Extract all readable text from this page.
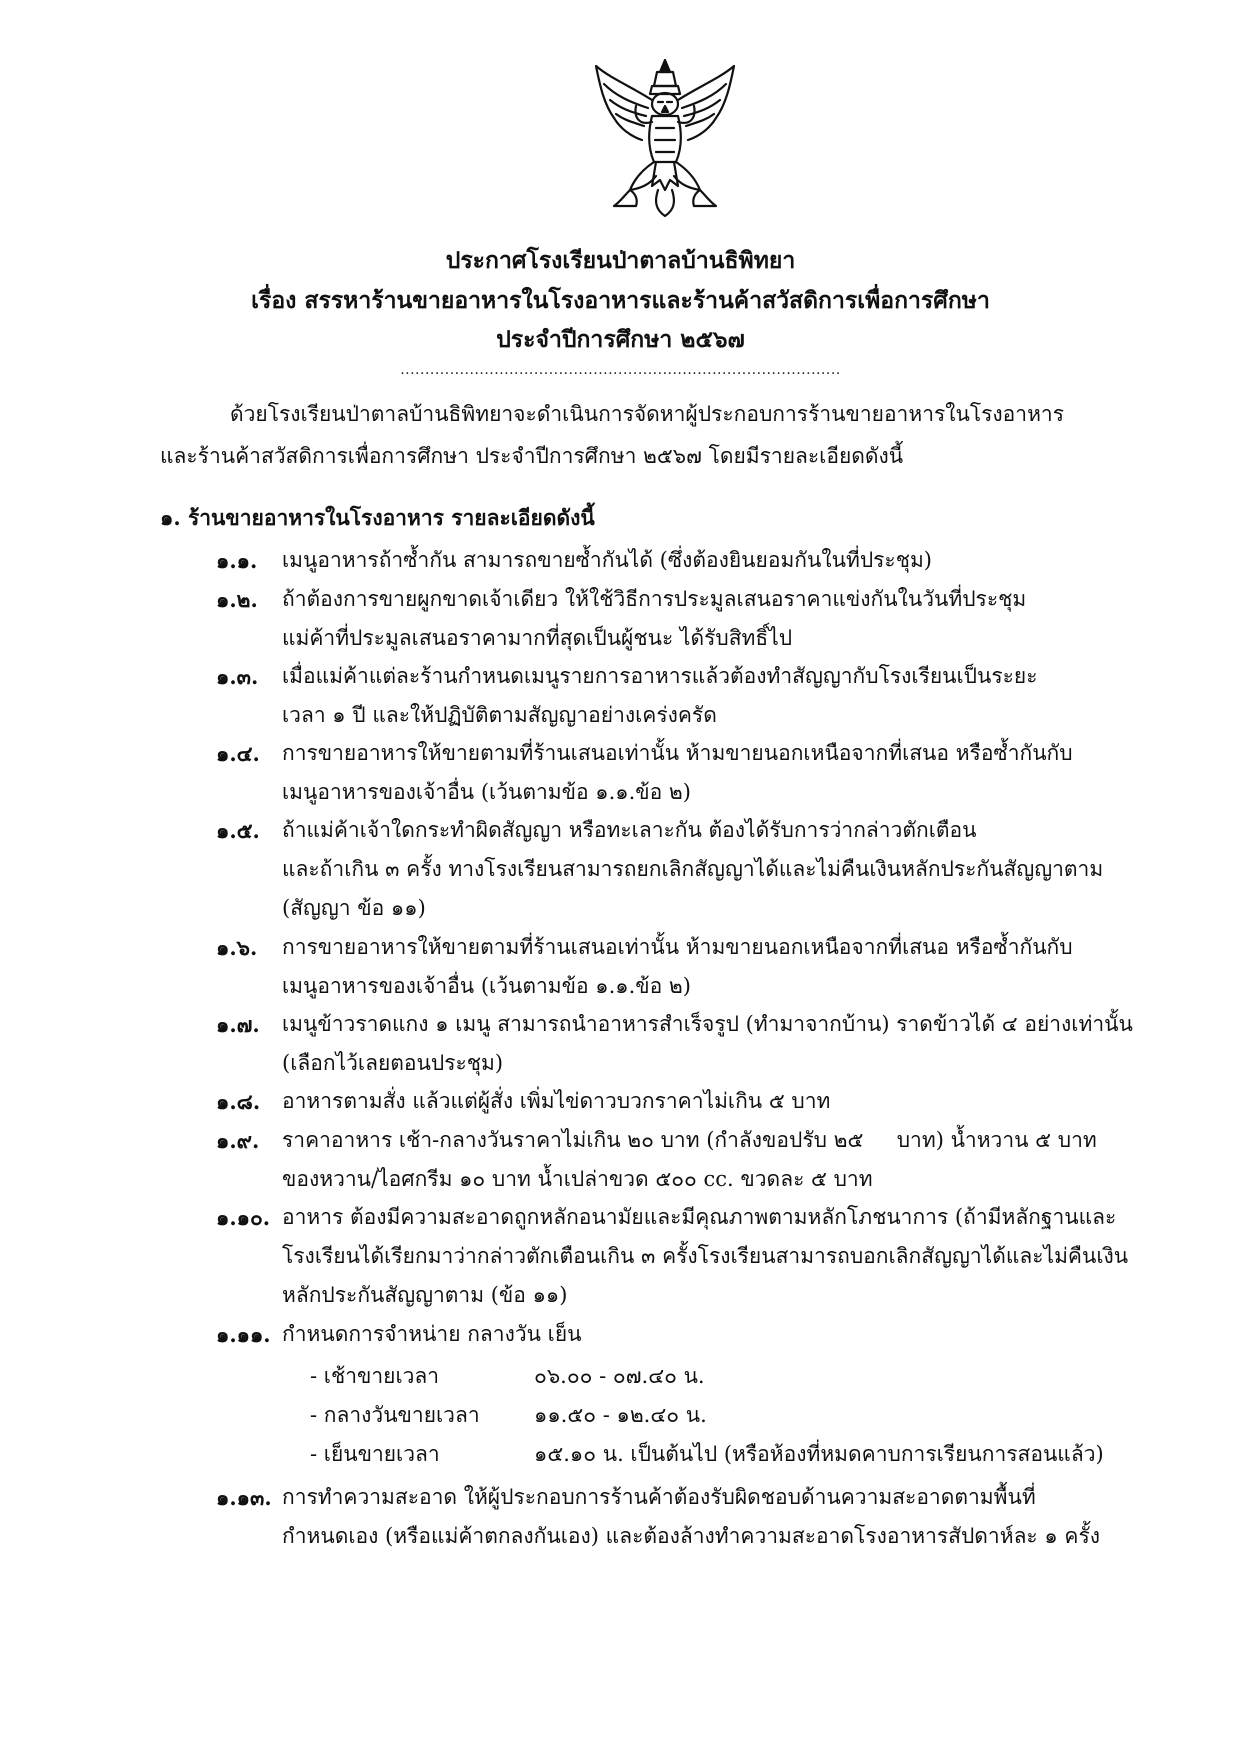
ประกาศโรงเรียนป่าตาลบ้านธิพิทยา
เรื่อง สรรหาร้านขายอาหารในโรงอาหารและร้านค้าสวัสดิการเพื่อการศึกษา
ประจำปีการศึกษา ๒๕๖๗
.........................................................................................
ด้วยโรงเรียนป่าตาลบ้านธิพิทยาจะดำเนินการจัดหาผู้ประกอบการร้านขายอาหารในโรงอาหาร
และร้านค้าสวัสดิการเพื่อการศึกษา ประจำปีการศึกษา ๒๕๖๗ โดยมีรายละเอียดดังนี้
๑. ร้านขายอาหารในโรงอาหาร รายละเอียดดังนี้
๑.๑. เมนูอาหารถ้าซ้ำกัน สามารถขายซ้ำกันได้ (ซึ่งต้องยินยอมกันในที่ประชุม)
๑.๒. ถ้าต้องการขายผูกขาดเจ้าเดียว ให้ใช้วิธีการประมูลเสนอราคาแข่งกันในวันที่ประชุม
แม่ค้าที่ประมูลเสนอราคามากที่สุดเป็นผู้ชนะ ได้รับสิทธิ์ไป
๑.๓. เมื่อแม่ค้าแต่ละร้านกำหนดเมนูรายการอาหารแล้วต้องทำสัญญากับโรงเรียนเป็นระยะ
เวลา ๑ ปี และให้ปฏิบัติตามสัญญาอย่างเคร่งครัด
๑.๔. การขายอาหารให้ขายตามที่ร้านเสนอเท่านั้น ห้ามขายนอกเหนือจากที่เสนอ หรือซ้ำกันกับ
เมนูอาหารของเจ้าอื่น (เว้นตามข้อ ๑.๑.ข้อ ๒)
๑.๕. ถ้าแม่ค้าเจ้าใดกระทำผิดสัญญา หรือทะเลาะกัน ต้องได้รับการว่ากล่าวตักเตือน
และถ้าเกิน ๓ ครั้ง ทางโรงเรียนสามารถยกเลิกสัญญาได้และไม่คืนเงินหลักประกันสัญญาตาม
(สัญญา ข้อ ๑๑)
๑.๖. การขายอาหารให้ขายตามที่ร้านเสนอเท่านั้น ห้ามขายนอกเหนือจากที่เสนอ หรือซ้ำกันกับ
เมนูอาหารของเจ้าอื่น (เว้นตามข้อ ๑.๑.ข้อ ๒)
๑.๗. เมนูข้าวราดแกง ๑ เมนู สามารถนำอาหารสำเร็จรูป (ทำมาจากบ้าน) ราดข้าวได้ ๔ อย่างเท่านั้น
(เลือกไว้เลยตอนประชุม)
๑.๘. อาหารตามสั่ง แล้วแต่ผู้สั่ง เพิ่มไข่ดาวบวกราคาไม่เกิน ๕ บาท
๑.๙. ราคาอาหาร เช้า-กลางวันราคาไม่เกิน ๒๐ บาท (กำลังขอปรับ ๒๕     บาท) น้ำหวาน ๕ บาท
ของหวาน/ไอศกรีม ๑๐ บาท น้ำเปล่าขวด ๕๐๐ cc. ขวดละ ๕ บาท
๑.๑๐. อาหาร ต้องมีความสะอาดถูกหลักอนามัยและมีคุณภาพตามหลักโภชนาการ (ถ้ามีหลักฐานและ
โรงเรียนได้เรียกมาว่ากล่าวตักเตือนเกิน ๓ ครั้งโรงเรียนสามารถบอกเลิกสัญญาได้และไม่คืนเงิน
หลักประกันสัญญาตาม (ข้อ ๑๑)
๑.๑๑. กำหนดการจำหน่าย กลางวัน เย็น
- เช้าขายเวลา	๐๖.๐๐ - ๐๗.๔๐ น.
- กลางวันขายเวลา	๑๑.๕๐ - ๑๒.๔๐ น.
- เย็นขายเวลา	๑๕.๑๐ น. เป็นต้นไป (หรือห้องที่หมดคาบการเรียนการสอนแล้ว)
๑.๑๓. การทำความสะอาด ให้ผู้ประกอบการร้านค้าต้องรับผิดชอบด้านความสะอาดตามพื้นที่
กำหนดเอง (หรือแม่ค้าตกลงกันเอง) และต้องล้างทำความสะอาดโรงอาหารสัปดาห์ละ ๑ ครั้ง
